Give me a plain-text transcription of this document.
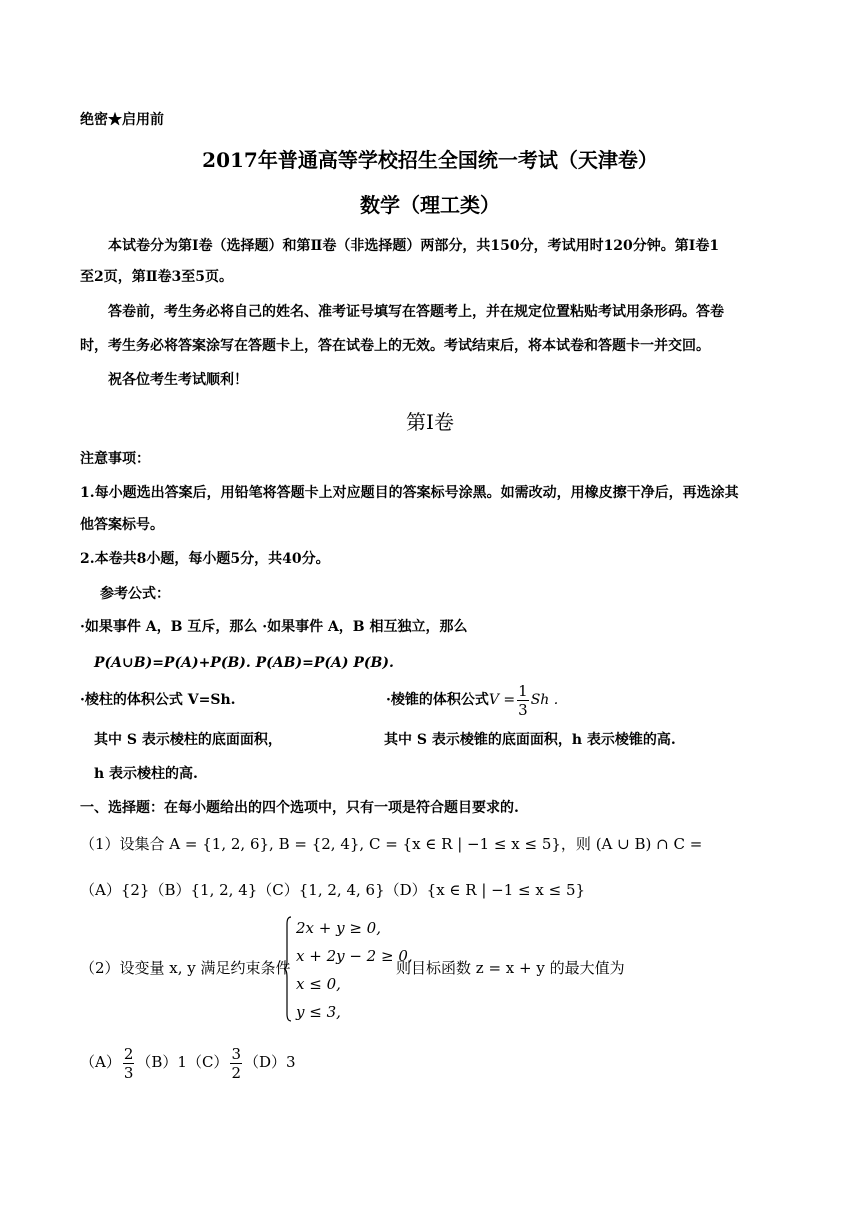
绝密★启用前
2017年普通高等学校招生全国统一考试（天津卷）
数学（理工类）
本试卷分为第Ⅰ卷（选择题）和第Ⅱ卷（非选择题）两部分，共150分，考试用时120分钟。第Ⅰ卷1
至2页，第Ⅱ卷3至5页。
答卷前，考生务必将自己的姓名、准考证号填写在答题考上，并在规定位置粘贴考试用条形码。答卷
时，考生务必将答案涂写在答题卡上，答在试卷上的无效。考试结束后，将本试卷和答题卡一并交回。
祝各位考生考试顺利！
第Ⅰ卷
注意事项：
1.每小题选出答案后，用铅笔将答题卡上对应题目的答案标号涂黑。如需改动，用橡皮擦干净后，再选涂其
他答案标号。
2.本卷共8小题，每小题5分，共40分。
参考公式：
·如果事件 A，B 互斥，那么 ·如果事件 A，B 相互独立，那么
P(A∪B)=P(A)+P(B). P(AB)=P(A) P(B).
·棱柱的体积公式 V=Sh.	·棱锥的体积公式$V = \frac{1}{3}$ Sh .
其中 S 表示棱柱的底面面积，	其中 S 表示棱锥的底面面积，h 表示棱锥的高.
h 表示棱柱的高.
一、选择题：在每小题给出的四个选项中，只有一项是符合题目要求的.
（1）设集合 A = {1, 2, 6}, B = {2, 4}, C = {x ∈ R | −1 ≤ x ≤ 5}，则 (A ∪ B) ∩ C =
（A）{2}（B）{1, 2, 4}（C）{1, 2, 4, 6}（D）{x ∈ R | −1 ≤ x ≤ 5}
（2）设变量 x, y 满足约束条件
2x + y ≥ 0,
x + 2y − 2 ≥ 0,
x ≤ 0,
y ≤ 3,
则目标函数 z = x + y 的最大值为
$(A) \frac{2}{3} (B)1(C) \frac{3}{2} (D)3$
